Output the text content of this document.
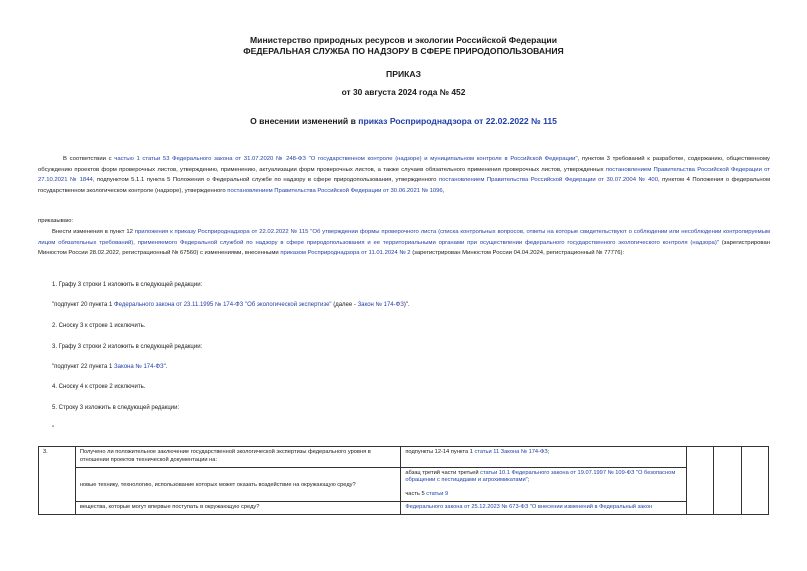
Министерство природных ресурсов и экологии Российской Федерации
ФЕДЕРАЛЬНАЯ СЛУЖБА ПО НАДЗОРУ В СФЕРЕ ПРИРОДОПОЛЬЗОВАНИЯ
ПРИКАЗ
от 30 августа 2024 года № 452
О внесении изменений в приказ Росприроднадзора от 22.02.2022 № 115
В соответствии с частью 1 статьи 53 Федерального закона от 31.07.2020 № 248-ФЗ "О государственном контроле (надзоре) и муниципальном контроле в Российской Федерации", пунктом 3 требований к разработке, содержанию, общественному обсуждению проектов форм проверочных листов, утверждению, применению, актуализации форм проверочных листов, а также случаев обязательного применения проверочных листов, утвержденных постановлением Правительства Российской Федерации от 27.10.2021 № 1844, подпунктом 5.1.1 пункта 5 Положения о Федеральной службе по надзору в сфере природопользования, утвержденного постановлением Правительства Российской Федерации от 30.07.2004 № 400, пунктом 4 Положения о федеральном государственном экологическом контроле (надзоре), утвержденного постановлением Правительства Российской Федерации от 30.06.2021 № 1096,
приказываю:
Внести изменения в пункт 12 приложения к приказу Росприроднадзора от 22.02.2022 № 115 "Об утверждении формы проверочного листа (списка контрольных вопросов, ответы на которые свидетельствуют о соблюдении или несоблюдении контролируемым лицом обязательных требований), применяемого Федеральной службой по надзору в сфере природопользования и ее территориальными органами при осуществлении федерального государственного экологического контроля (надзора)" (зарегистрирован Минюстом России 28.02.2022, регистрационный № 67560) с изменениями, внесенными приказом Росприроднадзора от 11.01.2024 № 2 (зарегистрирован Минюстом России 04.04.2024, регистрационный № 77776):
1. Графу 3 строки 1 изложить в следующей редакции:
"подпункт 20 пункта 1 Федерального закона от 23.11.1995 № 174-ФЗ "Об экологической экспертизе" (далее - Закон № 174-ФЗ)".
2. Сноску 3 к строке 1 исключить.
3. Графу 3 строки 2 изложить в следующей редакции:
"подпункт 22 пункта 1 Закона № 174-ФЗ".
4. Сноску 4 к строке 2 исключить.
5. Строку 3 изложить в следующей редакции:
"
3.	Получено ли положительное заключение государственной экологической экспертизы федерального уровня в отношении проектов технической документации на:	подпункты 12-14 пункта 1 статьи 11 Закона № 174-ФЗ;			
	новые технику, технологию, использование которых может оказать воздействие на окружающую среду?	абзац третий части третьей статьи 10.1 Федерального закона от 19.07.1997 № 109-ФЗ "О безопасном обращении с пестицидами и агрохимикатами";
часть 5 статьи 9			

	вещества, которые могут впервые поступать в окружающую среду?	Федерального закона от 25.12.2023 № 673-ФЗ "О внесении изменений в Федеральный закон			
